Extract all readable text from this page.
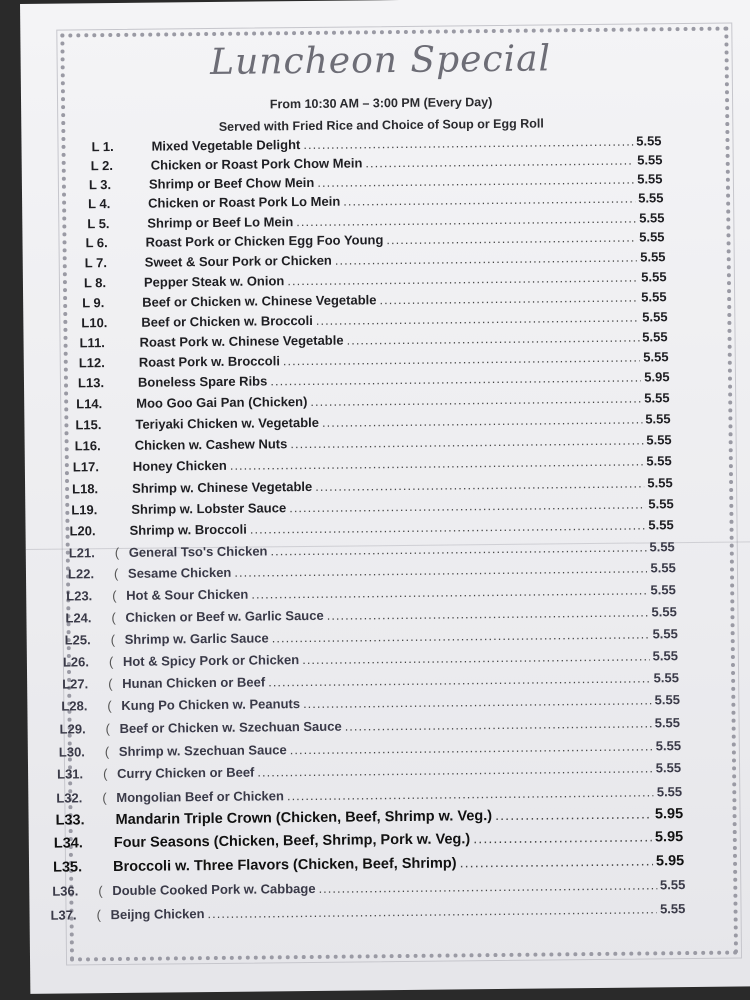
Luncheon Special
From 10:30 AM – 3:00 PM (Every Day)
Served with Fried Rice and Choice of Soup or Egg Roll
L 1.	Mixed Vegetable Delight .....	5.55
L 2.	Chicken or Roast Pork Chow Mein .....	5.55
L 3.	Shrimp or Beef Chow Mein .....	5.55
L 4.	Chicken or Roast Pork Lo Mein .....	5.55
L 5.	Shrimp or Beef Lo Mein .....	5.55
L 6.	Roast Pork or Chicken Egg Foo Young .....	5.55
L 7.	Sweet & Sour Pork or Chicken .....	5.55
L 8.	Pepper Steak w. Onion .....	5.55
L 9.	Beef or Chicken w. Chinese Vegetable .....	5.55
L10.	Beef or Chicken w. Broccoli .....	5.55
L11.	Roast Pork w. Chinese Vegetable .....	5.55
L12.	Roast Pork w. Broccoli .....	5.55
L13.	Boneless Spare Ribs .....	5.95
L14.	Moo Goo Gai Pan (Chicken) .....	5.55
L15.	Teriyaki Chicken w. Vegetable .....	5.55
L16.	Chicken w. Cashew Nuts .....	5.55
L17.	Honey Chicken .....	5.55
L18.	Shrimp w. Chinese Vegetable .....	5.55
L19.	Shrimp w. Lobster Sauce .....	5.55
L20.	Shrimp w. Broccoli .....	5.55
L21.	( General Tso's Chicken .....	5.55
L22.	( Sesame Chicken .....	5.55
L23.	( Hot & Sour Chicken .....	5.55
L24.	( Chicken or Beef w. Garlic Sauce .....	5.55
L25.	( Shrimp w. Garlic Sauce .....	5.55
L26.	( Hot & Spicy Pork or Chicken .....	5.55
L27.	( Hunan Chicken or Beef .....	5.55
L28.	( Kung Po Chicken w. Peanuts .....	5.55
L29.	( Beef or Chicken w. Szechuan Sauce .....	5.55
L30.	( Shrimp w. Szechuan Sauce .....	5.55
L31.	( Curry Chicken or Beef .....	5.55
L32.	( Mongolian Beef or Chicken .....	5.55
L33.	Mandarin Triple Crown (Chicken, Beef, Shrimp w. Veg.) .....	5.95
L34.	Four Seasons (Chicken, Beef, Shrimp, Pork w. Veg.) .....	5.95
L35.	Broccoli w. Three Flavors (Chicken, Beef, Shrimp) .....	5.95
L36.	( Double Cooked Pork w. Cabbage .....	5.55
L37.	( Beijng Chicken .....	5.55
